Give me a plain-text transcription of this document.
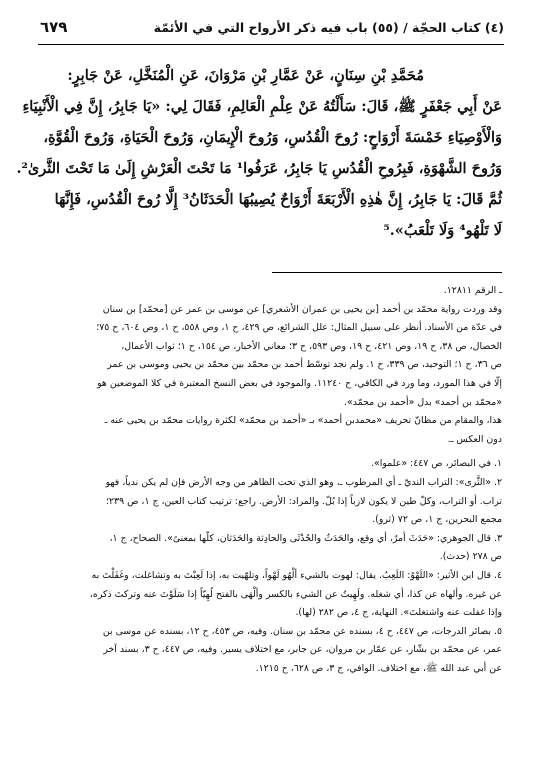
(٤) كتاب الحجّة / (٥٥) باب فيه ذكر الأرواح التي في الأئمّة
٦٧٩
مُحَمَّدِ بْنِ سِنَانٍ، عَنْ عَمَّارِ بْنِ مَرْوَانَ، عَنِ الْمُنَخَّلِ، عَنْ جَابِرٍ:
عَنْ أَبِي جَعْفَرٍ ﷺ، قَالَ: سَأَلْتُهُ عَنْ عِلْمِ الْعَالِمِ، فَقَالَ لِي: «يَا جَابِرُ، إِنَّ فِي الْأَنْبِيَاءِ
وَالْأَوْصِيَاءِ خَمْسَةَ أَرْوَاحٍ: رُوحَ الْقُدُسِ، وَرُوحَ الْإِيمَانِ، وَرُوحَ الْحَيَاةِ، وَرُوحَ الْقُوَّةِ،
وَرُوحَ الشَّهْوَةِ، فَبِرُوحِ الْقُدُسِ يَا جَابِرُ، عَرَفُوا¹ مَا تَحْتَ الْعَرْشِ إِلَىٰ مَا تَحْتَ الثَّرىٰ².
ثُمَّ قَالَ: يَا جَابِرُ، إِنَّ هٰذِهِ الْأَرْبَعَةَ أَرْوَاحٌ يُصِيبُهَا الْحَدَثَانُ³ إِلَّا رُوحَ الْقُدُسِ، فَإِنَّهَا
لَا تَلْهُو⁴ وَلَا تَلْعَبُ».⁵

ـ الرقم ١٢٨١١.

وقد وردت رواية محمّد بن أحمد [بن يحيى بن عمران الأشعري] عن موسى بن عمر عن [محمّد] بن سنان

في عدّة من الأسناد. أنظر على سبيل المثال: علل الشرائع، ص ٤٢٩، ح ١، وص ٥٥٨، ح ١، وص ٦٠٤، ح ٧٥؛

الخصال، ص ٣٨، ح ١٩، وص ٤٢١، ح ١٩، وص ٥٩٣، ح ٣؛ معاني الأخبار، ص ١٥٤، ح ١؛ ثواب الأعمال،

ص ٣٦، ح ١؛ التوحيد، ص ٣٣٩، ح ١. ولم نجد توسّط أحمد بن محمّد بين محمّد بن يحيى وموسى بن عمر

إلّا في هذا المورد، وما ورد في الكافي، ح ١١٢٤٠. والموجود في بعض النسخ المعتبرة في كلا الموضعين هو

«محمّد بن أحمد» بدل «أحمد بن محمّد».

هذا، والمقام من مظانّ تحريف «محمدبن أحمد» بـ «أحمد بن محمّد» لكثرة روايات محمّد بن يحيى عنه ـ

دون العكس ـ.

١. في البصائر، ص ٤٤٧: «علموا».

٢. «الثَّرى»: التراب النديّ ـ أي المرطوب ـ، وهو الذي تحت الظاهر من وجه الأرض فإن لم يكن ندياً، فهو

تراب. أو التراب، وكلّ طين لا يكون لازباً إذا بُلّ. والمراد: الأرض. راجع: ترتيب كتاب العين، ج ١، ص ٢٣٩؛

مجمع البحرين، ج ١، ص ٧٢ (ثرو).

٣. قال الجوهري: «حَدَثَ أمرٌ، أي وقع، والحَدَثُ والحُدْثَى والحادِثة والحَدَثان، كلّها بمعنىً». الصحاح، ج ١،

ص ٢٧٨ (حدث).

٤. قال ابن الأثير: «اللَهْوُ: اللَعِبُ. يقال: لهوت بالشيء ألْهُو لَهْواً، وتلهّيت به، إذا لَعِبْتَ به وتشاغلت، وغَفَلْتَ به

عن غيره. وألهاه عن كذا، أي شغله. ولَهِيتُ عن الشيء بالكسر وألْهَى بالفتح لُهِيّاً إذا سَلَوْتَ عنه وتركتَ ذكره،

وإذا غفلت عنه واشتغلتَ». النهاية، ج ٤، ص ٢٨٢ (لها).

٥. بصائر الدرجات، ص ٤٤٧، ح ٤، بسنده عن محمّد بن سنان. وفيه، ص ٤٥٣، ح ١٢، بسنده عن موسى بن

عمر، عن محمّد بن بشّار، عن عمّار بن مروان، عن جابر، مع اختلاف يسير. وفيه، ص ٤٤٧، ح ٣، بسند آخر

عن أبي عبد الله ﷺ، مع اختلاف. الوافي، ج ٣، ص ٦٢٨، ح ١٢١٥.
